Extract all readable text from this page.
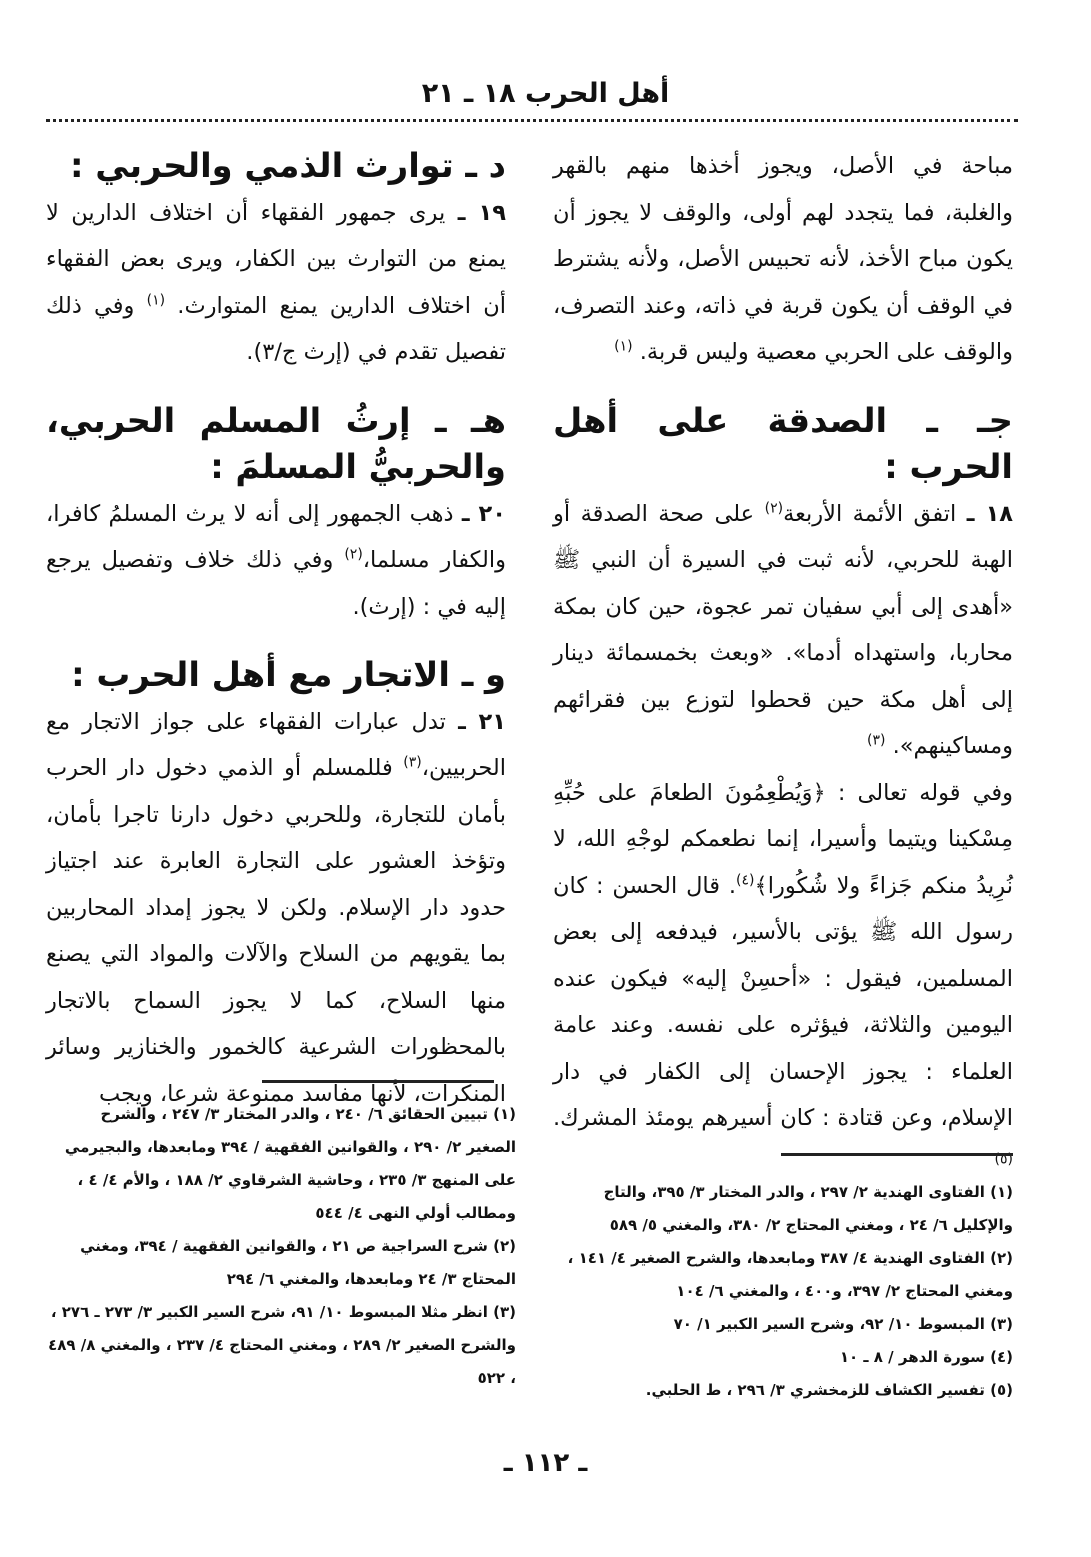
أهل الحرب ١٨ ـ ٢١

مباحة في الأصل، ويجوز أخذها منهم بالقهر والغلبة، فما يتجدد لهم أولى، والوقف لا يجوز أن يكون مباح الأخذ، لأنه تحبيس الأصل، ولأنه يشترط في الوقف أن يكون قربة في ذاته، وعند التصرف، والوقف على الحربي معصية وليس قربة. $^{(١)}$

جـ ـ الصدقة على أهل الحرب :

١٨ ـ اتفق الأئمة الأربعة$^{(٢)}$ على صحة الصدقة أو الهبة للحربي، لأنه ثبت في السيرة أن النبي ﷺ «أهدى إلى أبي سفيان تمر عجوة، حين كان بمكة محاربا، واستهداه أدما». «وبعث بخمسمائة دينار إلى أهل مكة حين قحطوا لتوزع بين فقرائهم ومساكينهم». $^{(٣)}$

وفي قوله تعالى : ﴿وَيُطْعِمُونَ الطعامَ على حُبِّهِ مِسْكينا ويتيما وأسيرا، إنما نطعمكم لوجْهِ الله، لا نُرِيدُ منكم جَزاءً ولا شُكُورا﴾$^{(٤)}$. قال الحسن : كان رسول الله ﷺ يؤتى بالأسير، فيدفعه إلى بعض المسلمين، فيقول : «أحسِنْ إليه» فيكون عنده اليومين والثلاثة، فيؤثره على نفسه. وعند عامة العلماء : يجوز الإحسان إلى الكفار في دار الإسلام، وعن قتادة : كان أسيرهم يومئذ المشرك. $^{(٥)}$

د ـ توارث الذمي والحربي :

١٩ ـ يرى جمهور الفقهاء أن اختلاف الدارين لا يمنع من التوارث بين الكفار، ويرى بعض الفقهاء أن اختلاف الدارين يمنع المتوارث. $^{(١)}$ وفي ذلك تفصيل تقدم في (إرث ج/٣).

هـ ـ إرثُ المسلم الحربي، والحربيُّ المسلمَ :

٢٠ ـ ذهب الجمهور إلى أنه لا يرث المسلمُ كافرا، والكفار مسلما،$^{(٢)}$ وفي ذلك خلاف وتفصيل يرجع إليه في : (إرث).

و ـ الاتجار مع أهل الحرب :

٢١ ـ تدل عبارات الفقهاء على جواز الاتجار مع الحربيين،$^{(٣)}$ فللمسلم أو الذمي دخول دار الحرب بأمان للتجارة، وللحربي دخول دارنا تاجرا بأمان، وتؤخذ العشور على التجارة العابرة عند اجتياز حدود دار الإسلام. ولكن لا يجوز إمداد المحاربين بما يقويهم من السلاح والآلات والمواد التي يصنع منها السلاح، كما لا يجوز السماح بالاتجار بالمحظورات الشرعية كالخمور والخنازير وسائر المنكرات، لأنها مفاسد ممنوعة شرعا، ويجب

(١) تبيين الحقائق ٦/ ٢٤٠ ، والدر المختار ٣/ ٢٤٧ ، والشرح الصغير ٢/ ٢٩٠ ، والقوانين الفقهية / ٣٩٤ ومابعدها، والبجيرمي على المنهج ٣/ ٢٣٥ ، وحاشية الشرقاوي ٢/ ١٨٨ ، والأم ٤/ ٤ ، ومطالب أولي النهى ٤/ ٥٤٤
(٢) شرح السراجية ص ٢١ ، والقوانين الفقهية / ٣٩٤، ومغني المحتاج ٣/ ٢٤ ومابعدها، والمغني ٦/ ٢٩٤
(٣) انظر مثلا المبسوط ١٠/ ٩١، شرح السير الكبير ٣/ ٢٧٣ ـ ٢٧٦ ، والشرح الصغير ٢/ ٢٨٩ ، ومغني المحتاج ٤/ ٢٣٧ ، والمغني ٨/ ٤٨٩ ، ٥٢٢
(١) الفتاوى الهندية ٢/ ٢٩٧ ، والدر المختار ٣/ ٣٩٥، والتاج والإكليل ٦/ ٢٤ ، ومغني المحتاج ٢/ ٣٨٠، والمغني ٥/ ٥٨٩
(٢) الفتاوى الهندية ٤/ ٣٨٧ ومابعدها، والشرح الصغير ٤/ ١٤١ ، ومغني المحتاج ٢/ ٣٩٧، و٤٠٠ ، والمغني ٦/ ١٠٤
(٣) المبسوط ١٠/ ٩٢، وشرح السير الكبير ١/ ٧٠
(٤) سورة الدهر / ٨ ـ ١٠
(٥) تفسير الكشاف للزمخشري ٣/ ٢٩٦ ، ط الحلبي.
ـ ١١٢ ـ
